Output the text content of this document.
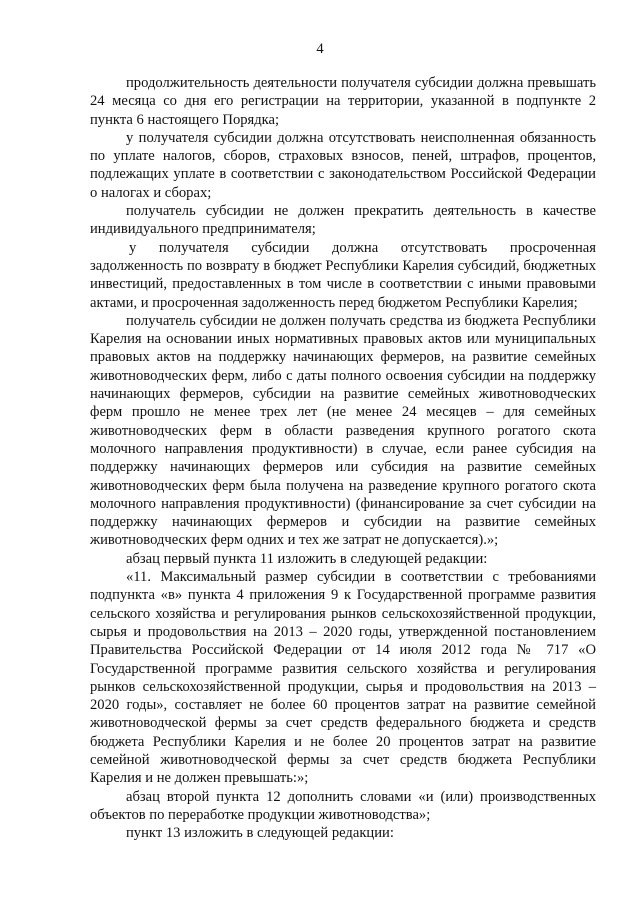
4

продолжительность деятельности получателя субсидии должна превышать 24 месяца со дня его регистрации на территории, указанной в подпункте 2 пункта 6 настоящего Порядка;

у получателя субсидии должна отсутствовать неисполненная обязанность по уплате налогов, сборов, страховых взносов, пеней, штрафов, процентов, подлежащих уплате в соответствии с законодательством Российской Федерации о налогах и сборах;

получатель субсидии не должен прекратить деятельность в качестве индивидуального предпринимателя;

у получателя субсидии должна отсутствовать просроченная задолженность по возврату в бюджет Республики Карелия субсидий, бюджетных инвестиций, предоставленных в том числе в соответствии с иными правовыми актами, и просроченная задолженность перед бюджетом Республики Карелия;

получатель субсидии не должен получать средства из бюджета Республики Карелия на основании иных нормативных правовых актов или муниципальных правовых актов на поддержку начинающих фермеров, на развитие семейных животноводческих ферм, либо с даты полного освоения субсидии на поддержку начинающих фермеров, субсидии на развитие семейных животноводческих ферм прошло не менее трех лет (не менее 24 месяцев – для семейных животноводческих ферм в области разведения крупного рогатого скота молочного направления продуктивности) в случае, если ранее субсидия на поддержку начинающих фермеров или субсидия на развитие семейных животноводческих ферм была получена на разведение крупного рогатого скота молочного направления продуктивности) (финансирование за счет субсидии на поддержку начинающих фермеров и субсидии на развитие семейных животноводческих ферм одних и тех же затрат не допускается).»;

абзац первый пункта 11 изложить в следующей редакции:

«11. Максимальный размер субсидии в соответствии с требованиями подпункта «в» пункта 4 приложения 9 к Государственной программе развития сельского хозяйства и регулирования рынков сельскохозяйственной продукции, сырья и продовольствия на 2013 – 2020 годы, утвержденной постановлением Правительства Российской Федерации от 14 июля 2012 года № 717 «О Государственной программе развития сельского хозяйства и регулирования рынков сельскохозяйственной продукции, сырья и продовольствия на 2013 – 2020 годы», составляет не более 60 процентов затрат на развитие семейной животноводческой фермы за счет средств федерального бюджета и средств бюджета Республики Карелия и не более 20 процентов затрат на развитие семейной животноводческой фермы за счет средств бюджета Республики Карелия и не должен превышать:»;

абзац второй пункта 12 дополнить словами «и (или) производственных объектов по переработке продукции животноводства»;

пункт 13 изложить в следующей редакции:
